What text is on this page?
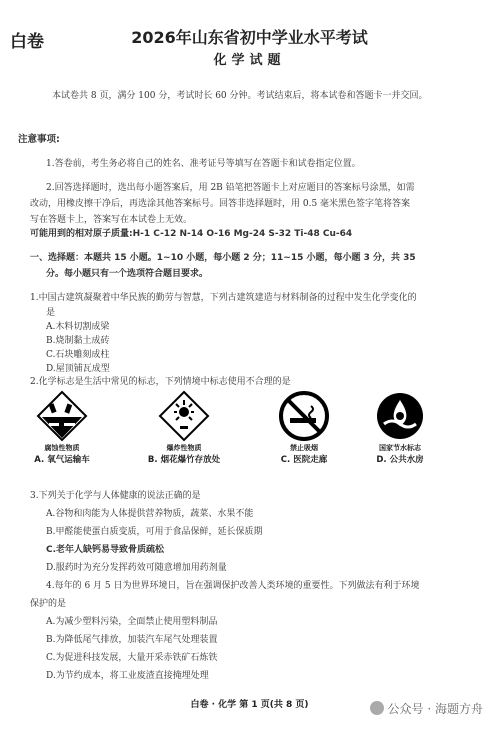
白卷	2026年山东省初中学业水平考试
化学试题
本试卷共 8 页，满分 100 分，考试时长 60 分钟。考试结束后，将本试卷和答题卡一并交回。
注意事项:
1.答卷前，考生务必将自己的姓名、准考证号等填写在答题卡和试卷指定位置。
2.回答选择题时，选出每小题答案后，用 2B 铅笔把答题卡上对应题目的答案标号涂黑，如需
改动，用橡皮擦干净后，再选涂其他答案标号。回答非选择题时，用 0.5 毫米黑色签字笔将答案
写在答题卡上，答案写在本试卷上无效。
可能用到的相对原子质量:H-1 C-12 N-14 O-16 Mg-24 S-32 Ti-48 Cu-64
一、选择题：本题共 15 小题。1~10 小题，每小题 2 分；11~15 小题，每小题 3 分，共 35
分。每小题只有一个选项符合题目要求。
1.中国古建筑凝聚着中华民族的勤劳与智慧，下列古建筑建造与材料制备的过程中发生化学变化的
是
A.木料切割成梁
B.烧制黏土成砖
C.石块雕刻成柱
D.屋顶铺瓦成型
2.化学标志是生活中常见的标志，下列情境中标志使用不合理的是
腐蚀性物质
A. 氧气运输车
爆炸性物质
B. 烟花爆竹存放处
禁止吸烟
C. 医院走廊
国家节水标志
D. 公共水房
3.下列关于化学与人体健康的说法正确的是
A.谷物和肉能为人体提供营养物质，蔬菜、水果不能
B.甲醛能使蛋白质变质，可用于食品保鲜，延长保质期
C.老年人缺钙易导致骨质疏松
D.服药时为充分发挥药效可随意增加用药剂量
4.每年的 6 月 5 日为世界环境日，旨在强调保护改善人类环境的重要性。下列做法有利于环境
保护的是
A.为减少塑料污染，全面禁止使用塑料制品
B.为降低尾气排放，加装汽车尾气处理装置
C.为促进科技发展，大量开采赤铁矿石炼铁
D.为节约成本，将工业废渣直接掩埋处理
白卷 · 化学 第 1 页(共 8 页)	公众号 · 海题方舟
